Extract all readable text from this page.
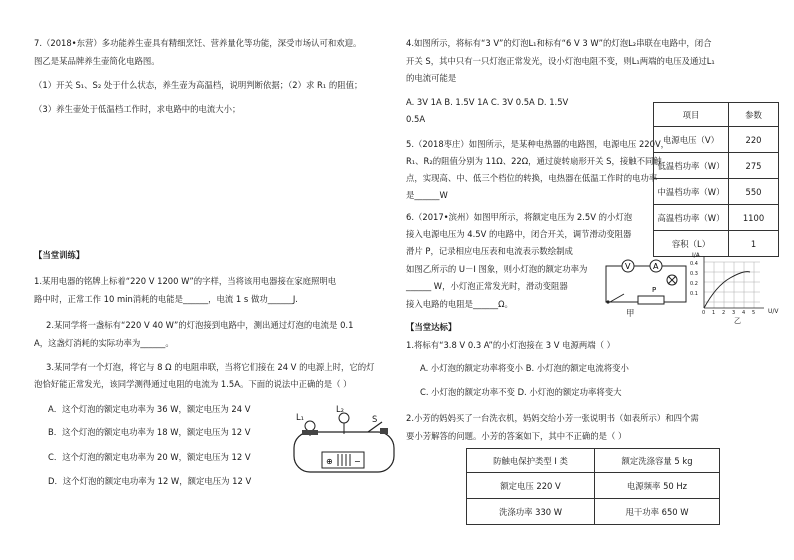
7.（2018•东营）多功能养生壶具有精细烹饪、营养量化等功能，深受市场认可和欢迎。
图乙是某品牌养生壶简化电路图。
（1）开关 S₁、S₂ 处于什么状态，养生壶为高温档，说明判断依据；（2）求 R₁ 的阻值；
（3）养生壶处于低温档工作时，求电路中的电流大小；
【当堂训练】
1.某用电器的铭牌上标着“220 V 1200 W”的字样，当将该用电器接在家庭照明电
路中时，正常工作 10 min消耗的电能是______，电流 1 s 做功______J.
2.某同学将一盏标有“220 V 40 W”的灯泡接到电路中，测出通过灯泡的电流是 0.1
A，这盏灯消耗的实际功率为______。
3.某同学有一个灯泡，将它与 8 Ω 的电阻串联，当将它们接在 24 V 的电源上时，它的灯
泡恰好能正常发光，该同学测得通过电阻的电流为 1.5A。下面的说法中正确的是（ ）
A．这个灯泡的额定电功率为 36 W，额定电压为 24 V
B．这个灯泡的额定电功率为 18 W，额定电压为 12 V
C．这个灯泡的额定电功率为 20 W，额定电压为 12 V
D．这个灯泡的额定电功率为 12 W，额定电压为 12 V
⊕	−
L₁
L₂
S
4.如图所示，将标有“3 V”的灯泡L₁和标有“6 V 3 W”的灯泡L₂串联在电路中，闭合
开关 S，其中只有一只灯泡正常发光，设小灯泡电阻不变，则L₁两端的电压及通过L₁
的电流可能是
A. 3V 1A B. 1.5V 1A C. 3V 0.5A D. 1.5V
0.5A
5.（2018枣庄）如图所示，是某种电热器的电路图，电源电压 220V，
R₁、R₂的阻值分别为 11Ω、22Ω，通过旋转扇形开关 S，接触不同触
点，实现高、中、低三个档位的转换，电热器在低温工作时的电功率
是______W
6.（2017•滨州）如图甲所示，将额定电压为 2.5V 的小灯泡
接入电源电压为 4.5V 的电路中，闭合开关，调节滑动变阻器
滑片 P，记录相应电压表和电流表示数绘制成
如图乙所示的 U－I 图象，则小灯泡的额定功率为
______ W，小灯泡正常发光时，滑动变阻器
接入电路的电阻是______Ω。
项目	参数
电源电压（V）	220
低温档功率（W）	275
中温档功率（W）	550
高温档功率（W）	1100
容积（L）	1
V	A
P
甲
I/A
U/V
乙
0.4
0.3
0.2
0.1
0 1 2 3 4 5
【当堂达标】
1.将标有“3.8 V 0.3 A”的小灯泡接在 3 V 电源两端（ ）
A. 小灯泡的额定功率将变小 B. 小灯泡的额定电流将变小
C. 小灯泡的额定功率不变 D. 小灯泡的额定功率将变大
2.小芳的妈妈买了一台洗衣机，妈妈交给小芳一张说明书（如表所示）和四个需
要小芳解答的问题。小芳的答案如下，其中不正确的是（ ）
防触电保护类型 I 类	额定洗涤容量 5 kg
额定电压 220 V	电源频率 50 Hz
洗涤功率 330 W	甩干功率 650 W
